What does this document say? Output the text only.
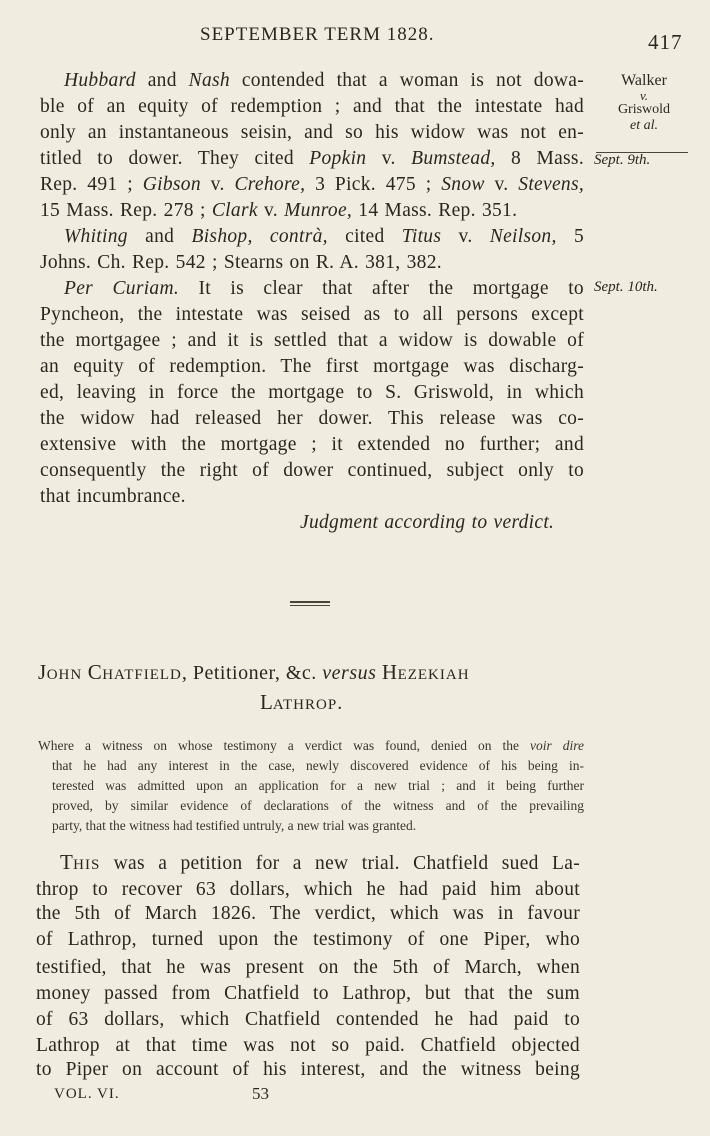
SEPTEMBER TERM 1828.	417
Walker
v.
Griswold
et al.
Sept. 9th.
Sept. 10th.
Hubbard and Nash contended that a woman is not dowa-
ble of an equity of redemption ; and that the intestate had
only an instantaneous seisin, and so his widow was not en-
titled to dower. They cited Popkin v. Bumstead, 8 Mass.
Rep. 491 ; Gibson v. Crehore, 3 Pick. 475 ; Snow v. Stevens,
15 Mass. Rep. 278 ; Clark v. Munroe, 14 Mass. Rep. 351.
Whiting and Bishop, contrà, cited Titus v. Neilson, 5
Johns. Ch. Rep. 542 ; Stearns on R. A. 381, 382.
Per Curiam. It is clear that after the mortgage to
Pyncheon, the intestate was seised as to all persons except
the mortgagee ; and it is settled that a widow is dowable of
an equity of redemption. The first mortgage was discharg-
ed, leaving in force the mortgage to S. Griswold, in which
the widow had released her dower. This release was co-
extensive with the mortgage ; it extended no further; and
consequently the right of dower continued, subject only to
that incumbrance.
Judgment according to verdict.
JOHN CHATFIELD, Petitioner, &c. versus HEZEKIAH
LATHROP.
Where a witness on whose testimony a verdict was found, denied on the voir dire
that he had any interest in the case, newly discovered evidence of his being in-
terested was admitted upon an application for a new trial ; and it being further
proved, by similar evidence of declarations of the witness and of the prevailing
party, that the witness had testified untruly, a new trial was granted.
THIS was a petition for a new trial. Chatfield sued La-
throp to recover 63 dollars, which he had paid him about
the 5th of March 1826. The verdict, which was in favour
of Lathrop, turned upon the testimony of one Piper, who
testified, that he was present on the 5th of March, when
money passed from Chatfield to Lathrop, but that the sum
of 63 dollars, which Chatfield contended he had paid to
Lathrop at that time was not so paid. Chatfield objected
to Piper on account of his interest, and the witness being
VOL. VI.	53
